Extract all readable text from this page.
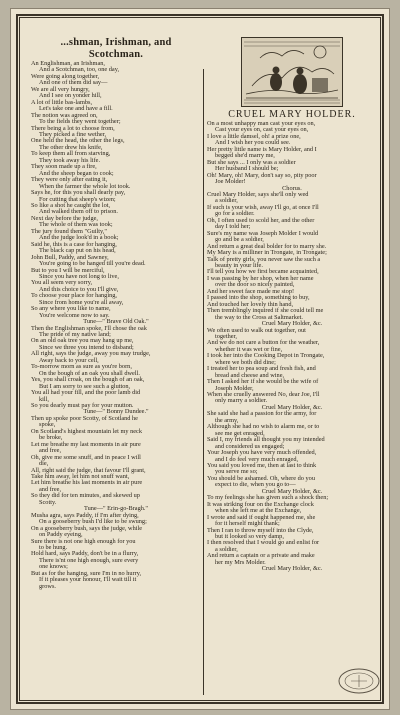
...shman, Irishman, and
Scotchman.
An Englishman, an Irishman,
And a Scotchman, too, one day,
Were going along together,
And one of them did say—
We are all very hungry,
And I see on yonder hill,
A lot of little bas-lambs,
Let's take one and have a fill.
The notion was agreed on,
To the fields they went together;
There being a lot to choose from,
They picked a fine wether,
One held the head, the other the legs,
The other drew his knife,
To keep them all from starving,
They took away his life.
They soon made up a fire,
And the sheep began to cook;
They were only after eating it,
When the farmer the whole lot took.
Says he, for this you shall dearly pay,
For cutting that sheep's wizen;
So like a shot he caught the lot,
And walked them off to prison.
Next day before the judge,
The whole of them was took;
The jury found them "Guilty,"
And the judge look'd in a book;
Said he, this is a case for hanging,
The black cap put on his head,
John Bull, Paddy, and Sawney,
You're going to be hanged till you're dead.
But to you I will be merciful,
Since you have not long to live,
You all seem very sorry,
And this choice to you I'll give,
To choose your place for hanging,
Since from home you're all away,
So any where you like to name,
You're welcome now to say.
Tune—" Brave Old Oak."
Then the Englishman spoke, I'll chose the oak
The pride of my native land;
On an old oak tree you may hang up me,
Since we three you intend to disband;
All right, says the judge, away you may trudge,
Away back to your cell,
To-morrow morn as sure as you're born,
On the bough of an oak you shall dwell.
Yes, you shall croak, on the bough of an oak,
But I am sorry to see such a glutton,
You all had your fill, and the poor lamb did
kill,
So you dearly must pay for your mutton.
Tune—" Bonny Dundee."
Then up spoke poor Scotty, of Scotland he
spoke,
On Scotland's highest mountain let my neck
be broke,
Let me breathe my last moments in air pure
and free,
Oh, give me some snuff, and in peace I will
die,
All, right said the judge, that favour I'll grant,
Take him away, let him not snuff want,
Let him breathe his last moments in air pure
and free,
So they did for ten minutes, and skewed up
Scotty.
Tune—" Erin-go-Bragh."
Musha agra, says Paddy, if I'm after dying,
On a gooseberry bush I'd like to be swung;
On a gooseberry bush, says the judge, while
on Paddy eyeing,
Sure there is not one high enough for you
to be hung.
Hold hard, says Paddy, don't be in a flurry,
There is'nt one high enough, sure every
one knows;
But as for the hanging, sure I'm in no hurry,
If it pleases your honour, I'll wait till it
grows.
CRUEL MARY HOLDER.
On a most unhappy man cast your eyes on,
Cast your eyes on, cast your eyes on,
I love a little damsel, oh! a prize one,
And I wish her you could see.
Her pretty little name is Mary Holder, and I
begged she'd marry me,
But she says ... I only was a soldier
Her husband I should be;
Oh! Mary, oh! Mary, don't say so, pity poor
Joe Molder!
Chorus.
Cruel Mary Holder, says she'll only wed
a soldier,
If such is your wish, away I'll go, at once I'll
go for a soldier.
Oh, I often used to scold her, and the other
day I told her;
Sure's my name was Joseph Molder I would
go and be a soldier,
And return a great deal bolder for to marry she.
My Mary is a milliner in Trongate, in Trongate;
Talk of pretty girls, you never saw the such a
beauty in your life.
I'll tell you how we first became acquainted,
I was passing by her shop, when her name
over the door so nicely painted,
And her sweet face made me stop!
I passed into the shop, something to buy,
And touched her lovely thin hand,
Then tremblingly inquired if she could tell me
the way to the Cross at Saltmarket.
Cruel Mary Holder, &c.
We often used to walk out together, out
together,
And we do not care a button for the weather,
whether it was wet or fine,
I took her into the Cooking Depot in Trongate,
where we both did dine;
I treated her to pea soup and fresh fish, and
bread and cheese and wine,
Then I asked her if she would be the wife of
Joseph Molder,
When she cruelly answered No, dear Joe, I'll
only marry a soldier.
Cruel Mary Holder, &c.
She said she had a passion for the army, for
the army,
Although she had no wish to alarm me, or to
see me get enraged,
Said I, my friends all thought you my intended
and considered us engaged;
Your Joseph you have very much offended,
and I do feel very much enraged,
You said you loved me, then at last to think
you serve me so;
You should be ashamed. Oh, where do you
expect to die, when you go to—
Cruel Mary Holder, &c.
To my feelings she has given such a shock then;
It was striking four on the Exchange clock
when she left me at the Exchange,
I wrote and said if ought happened me, she
for it herself might thank;
Then I ran to throw myself into the Clyde,
but it looked so very damp,
I then resolved that I would go and enlist for
a soldier,
And return a captain or a private and make
her my Mrs Molder.
Cruel Mary Holder, &c.
